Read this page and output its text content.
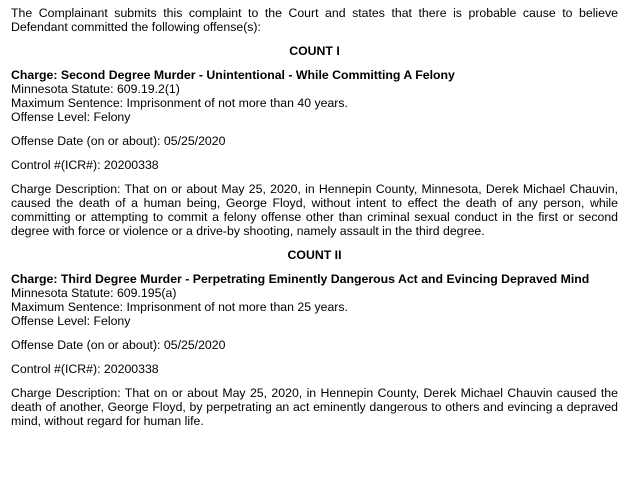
The Complainant submits this complaint to the Court and states that there is probable cause to believe Defendant committed the following offense(s):

COUNT I

Charge: Second Degree Murder - Unintentional - While Committing A Felony

Minnesota Statute: 609.19.2(1)

Maximum Sentence: Imprisonment of not more than 40 years.

Offense Level: Felony

Offense Date (on or about): 05/25/2020

Control #(ICR#): 20200338

Charge Description: That on or about May 25, 2020, in Hennepin County, Minnesota, Derek Michael Chauvin, caused the death of a human being, George Floyd, without intent to effect the death of any person, while committing or attempting to commit a felony offense other than criminal sexual conduct in the first or second degree with force or violence or a drive-by shooting, namely assault in the third degree.

COUNT II

Charge: Third Degree Murder - Perpetrating Eminently Dangerous Act and Evincing Depraved Mind

Minnesota Statute: 609.195(a)

Maximum Sentence: Imprisonment of not more than 25 years.

Offense Level: Felony

Offense Date (on or about): 05/25/2020

Control #(ICR#): 20200338

Charge Description: That on or about May 25, 2020, in Hennepin County, Derek Michael Chauvin caused the death of another, George Floyd, by perpetrating an act eminently dangerous to others and evincing a depraved mind, without regard for human life.
